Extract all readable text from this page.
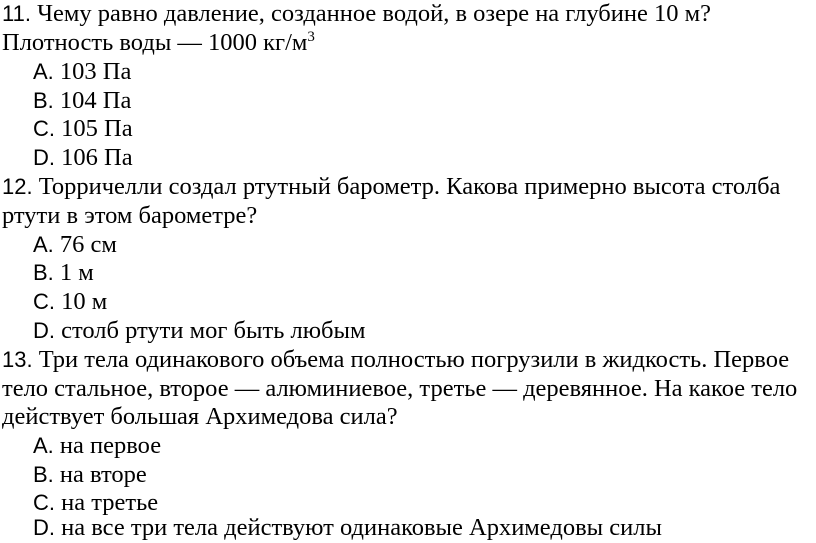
11. Чему равно давление, созданное водой, в озере на глубине 10 м?
Плотность воды — 1000 $кг/м^3$
A. 103 Па
B. 104 Па
C. 105 Па
D. 106 Па
12. Торричелли создал ртутный барометр. Какова примерно высота столба
ртути в этом барометре?
A. 76 см
B. 1 м
C. 10 м
D. столб ртути мог быть любым
13. Три тела одинакового объема полностью погрузили в жидкость. Первое
тело стальное, второе — алюминиевое, третье — деревянное. На какое тело
действует большая Архимедова сила?
A. на первое
B. на вторе
C. на третье
D. на все три тела действуют одинаковые Архимедовы силы
